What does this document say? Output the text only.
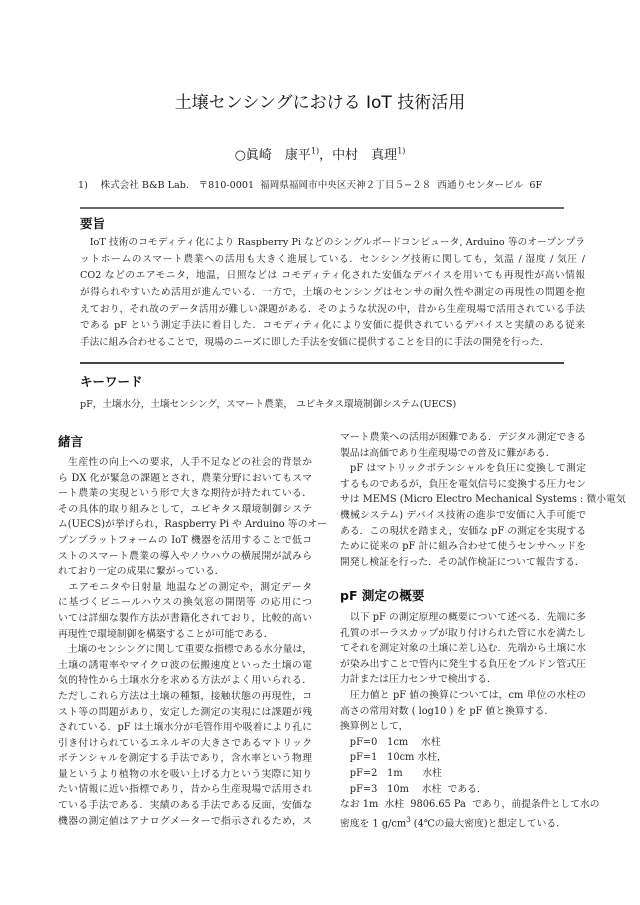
土壌センシングにおける IoT 技術活用
○眞崎　康平$^{1)}$，中村　真理$^{1)}$
1)　 株式会社 B&B Lab.　〒810-0001  福岡県福岡市中央区天神２丁目５−２８  西通りセンタービル  6F
要旨
　IoT 技術のコモディティ化により Raspberry Pi などのシングルボードコンピュータ, Arduino 等のオープンプラ
ットホームのスマート農業への活用も大きく進展している．センシング技術に関しても，気温 / 湿度 / 気圧 /
CO2 などのエアモニタ，地温，日照などは コモディティ化された安価なデバイスを用いても再現性が高い情報
が得られやすいため活用が進んでいる．一方で，土壌のセンシングはセンサの耐久性や測定の再現性の問題を抱
えており，それ故のデータ活用が難しい課題がある．そのような状況の中，昔から生産現場で活用されている手法
である pF という測定手法に着目した．コモディティ化により安価に提供されているデバイスと実績のある従来
手法に組み合わせることで，現場のニーズに即した手法を安価に提供することを目的に手法の開発を行った．
キーワード
pF，土壌水分，土壌センシング，スマート農業， ユビキタス環境制御システム(UECS)
緒言
　生産性の向上への要求，人手不足などの社会的背景か
ら DX 化が緊急の課題とされ，農業分野においてもスマ
ート農業の実現という形で大きな期待が持たれている．
その具体的取り組みとして，ユビキタス環境制御システ
ム(UECS)が挙げられ，Raspberry Pi や Arduino 等のオー
プンプラットフォームの IoT 機器を活用することで低コ
ストのスマート農業の導入やノウハウの横展開が試みら
れており一定の成果に繋がっている．
　エアモニタや日射量 地温などの測定や，測定データ
に基づくビニールハウスの換気窓の開閉等 の応用につ
いては詳細な製作方法が書籍化されており，比較的高い
再現性で環境制御を構築することが可能である．
　土壌のセンシングに関して重要な指標である水分量は，
土壌の誘電率やマイクロ波の伝搬速度といった土壌の電
気的特性から土壌水分を求める方法がよく用いられる．
ただしこれら方法は土壌の種類，接触状態の再現性，コ
スト等の問題があり，安定した測定の実現には課題が残
されている．pF は土壌水分が毛管作用や吸着により孔に
引き付けられているエネルギの大きさであるマトリック
ポテンシャルを測定する手法であり，含水率という物理
量というより植物の水を吸い上げる力という実際に知り
たい情報に近い指標であり，昔から生産現場で活用され
ている手法である．実績のある手法である反面，安価な
機器の測定値はアナログメーターで指示されるため，ス
マート農業への活用が困難である．デジタル測定できる
製品は高価であり生産現場での普及に難がある．
　pF はマトリックポテンシャルを負圧に変換して測定
するものであるが，負圧を電気信号に変換する圧力セン
サは MEMS (Micro Electro Mechanical Systems : 微小電気
機械システム) デバイス技術の進歩で安価に入手可能で
ある．この現状を踏まえ，安価な pF の測定を実現する
ために従来の pF 計に組み合わせて使うセンサヘッドを
開発し検証を行った．その試作検証について報告する．
pF 測定の概要
　以下 pF の測定原理の概要について述べる．先端に多
孔質のポーラスカップが取り付けられた管に水を満たし
てそれを測定対象の土壌に差し込む．先端から土壌に水
が染み出すことで管内に発生する負圧をブルドン管式圧
力計または圧力センサで検出する．
　圧力値と pF 値の換算については，cm 単位の水柱の
高さの常用対数 ( log10 ) を pF 値と換算する．
換算例として，
　pF=0　1cm　 水柱
　pF=1　10cm 水柱，
　pF=2　1m　　水柱
　pF=3　10m　 水柱  である．
なお 1m  水柱  9806.65 Pa  であり，前提条件として水の
密度を 1 $g/cm^3$ (4℃の最大密度)と想定している．
